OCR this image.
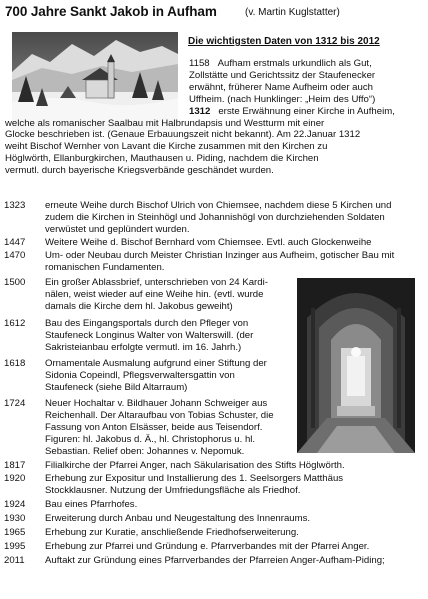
700 Jahre Sankt Jakob in Aufham	(v. Martin Kuglstatter)
Die wichtigsten Daten von 1312 bis 2012
1158 Aufham erstmals urkundlich als Gut,
Zollstätte und Gerichtssitz der Staufenecker
erwähnt, früherer Name Aufheim oder auch
Uffheim. (nach Hunklinger: „Heim des Uffo“)
1312 erste Erwähnung einer Kirche in Aufheim,
welche als romanischer Saalbau mit Halbrundapsis und Westturm mit einer
Glocke beschrieben ist. (Genaue Erbauungszeit nicht bekannt). Am 22.Januar 1312
weiht Bischof Wernher von Lavant die Kirche zusammen mit den Kirchen zu
Höglwörth, Ellanburgkirchen, Mauthausen u. Piding, nachdem die Kirchen
vermutl. durch bayerische Kriegsverbände geschändet wurden.
1323 erneute Weihe durch Bischof Ulrich von Chiemsee, nachdem diese 5 Kirchen und
zudem die Kirchen in Steinhögl und Johannishögl von durchziehenden Soldaten
verwüstet und geplündert wurden.
1447 Weitere Weihe d. Bischof Bernhard vom Chiemsee. Evtl. auch Glockenweihe
1470 Um- oder Neubau durch Meister Christian Inzinger aus Aufheim, gotischer Bau mit
romanischen Fundamenten.
1500 Ein großer Ablassbrief, unterschrieben von 24 Kardi-
nälen, weist wieder auf eine Weihe hin. (evtl. wurde
damals die Kirche dem hl. Jakobus geweiht)
1612 Bau des Eingangsportals durch den Pfleger von
Staufeneck Longinus Walter von Walterswill. (der
Sakristeianbau erfolgte vermutl. im 16. Jahrh.)
1618 Ornamentale Ausmalung aufgrund einer Stiftung der
Sidonia Copeindl, Pflegsverwaltersgattin von
Staufeneck (siehe Bild Altarraum)
1724 Neuer Hochaltar v. Bildhauer Johann Schweiger aus
Reichenhall. Der Altaraufbau von Tobias Schuster, die
Fassung von Anton Elsässer, beide aus Teisendorf.
Figuren: hl. Jakobus d. Ä., hl. Christophorus u. hl.
Sebastian. Relief oben: Johannes v. Nepomuk.
1817 Filialkirche der Pfarrei Anger, nach Säkularisation des Stifts Höglwörth.
1920 Erhebung zur Expositur und Installierung des 1. Seelsorgers Matthäus
Stockklausner. Nutzung der Umfriedungsfläche als Friedhof.
1924 Bau eines Pfarrhofes.
1930 Erweiterung durch Anbau und Neugestaltung des Innenraums.
1965 Erhebung zur Kuratie, anschließende Friedhofserweiterung.
1995 Erhebung zur Pfarrei und Gründung e. Pfarrverbandes mit der Pfarrei Anger.
2011 Auftakt zur Gründung eines Pfarrverbandes der Pfarreien Anger-Aufham-Piding;
